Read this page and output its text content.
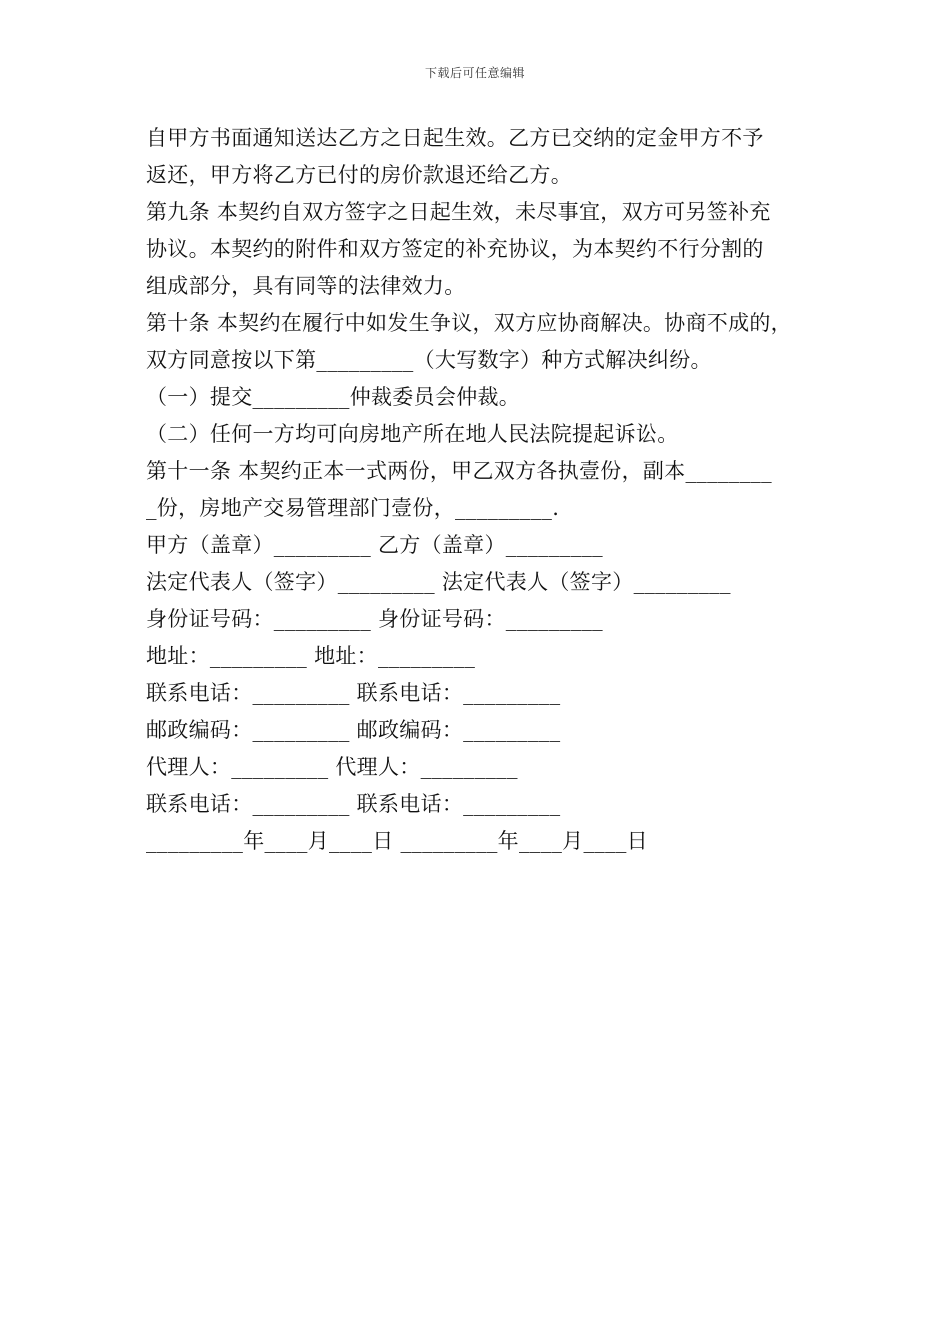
下载后可任意编辑
自甲方书面通知送达乙方之日起生效。乙方已交纳的定金甲方不予
返还，甲方将乙方已付的房价款退还给乙方。
第九条 本契约自双方签字之日起生效，未尽事宜，双方可另签补充
协议。本契约的附件和双方签定的补充协议，为本契约不行分割的
组成部分，具有同等的法律效力。
第十条 本契约在履行中如发生争议，双方应协商解决。协商不成的，
双方同意按以下第_________（大写数字）种方式解决纠纷。
（一）提交_________仲裁委员会仲裁。
（二）任何一方均可向房地产所在地人民法院提起诉讼。
第十一条 本契约正本一式两份，甲乙双方各执壹份，副本________
_份，房地产交易管理部门壹份，_________.
甲方（盖章）_________ 乙方（盖章）_________
法定代表人（签字）_________ 法定代表人（签字）_________
身份证号码：_________ 身份证号码：_________
地址：_________ 地址：_________
联系电话：_________ 联系电话：_________
邮政编码：_________ 邮政编码：_________
代理人：_________ 代理人：_________
联系电话：_________ 联系电话：_________
_________年____月____日 _________年____月____日
